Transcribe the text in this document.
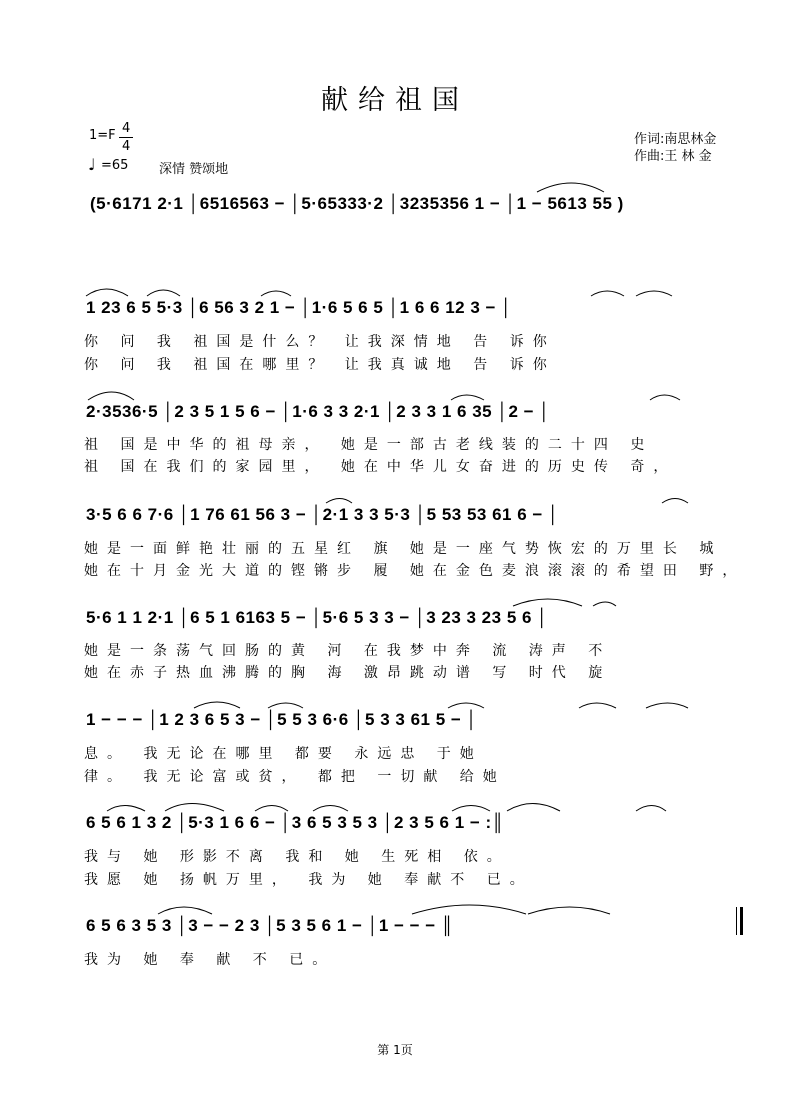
献给祖国
1=F 4
4
♩ =65 深情 赞颂地
作词:南思林金
作曲:王 林 金
(5·6171 2·1 │6516563 − │5·65333·2 │3235356 1 − │1 − 5613 55 )
1 23 6 5 5·3 │6 56 3 2 1 − │1·6 5 6 5 │1 6 6 12 3 − │
你 问 我 祖国是什么？ 让我深情地 告 诉你
你 问 我 祖国在哪里？ 让我真诚地 告 诉你
2·3536·5 │2 3 5 1 5 6 − │1·6 3 3 2·1 │2 3 3 1 6 35 │2 − │
祖 国是中华的祖母亲， 她是一部古老线装的二十四 史
祖 国在我们的家园里， 她在中华儿女奋进的历史传 奇，
3·5 6 6 7·6 │1 76 61 56 3 − │2·1 3 3 5·3 │5 53 53 61 6 − │
她是一面鲜艳壮丽的五星红 旗 她是一座气势恢宏的万里长 城
她在十月金光大道的铿锵步 履 她在金色麦浪滚滚的希望田 野，
5·6 1 1 2·1 │6 5 1 6163 5 − │5·6 5 3 3 − │3 23 3 23 5 6 │
她是一条荡气回肠的黄 河 在我梦中奔 流 涛声 不
她在赤子热血沸腾的胸 海 激昂跳动谱 写 时代 旋
1 − − − │1 2 3 6 5 3 − │5 5 3 6·6 │5 3 3 61 5 − │
息。 我无论在哪里 都要 永远忠 于她
律。 我无论富或贫， 都把 一切献 给她
6 5 6 1 3 2 │5·3 1 6 6 − │3 6 5 3 5 3 │2 3 5 6 1 − :║
我与 她 形影不离 我和 她 生死相 依。
我愿 她 扬帆万里， 我为 她 奉献不 已。
6 5 6 3 5 3 │3 − − 2 3 │5 3 5 6 1 − │1 − − − ║
我为 她 奉 献 不 已。
第 1页
